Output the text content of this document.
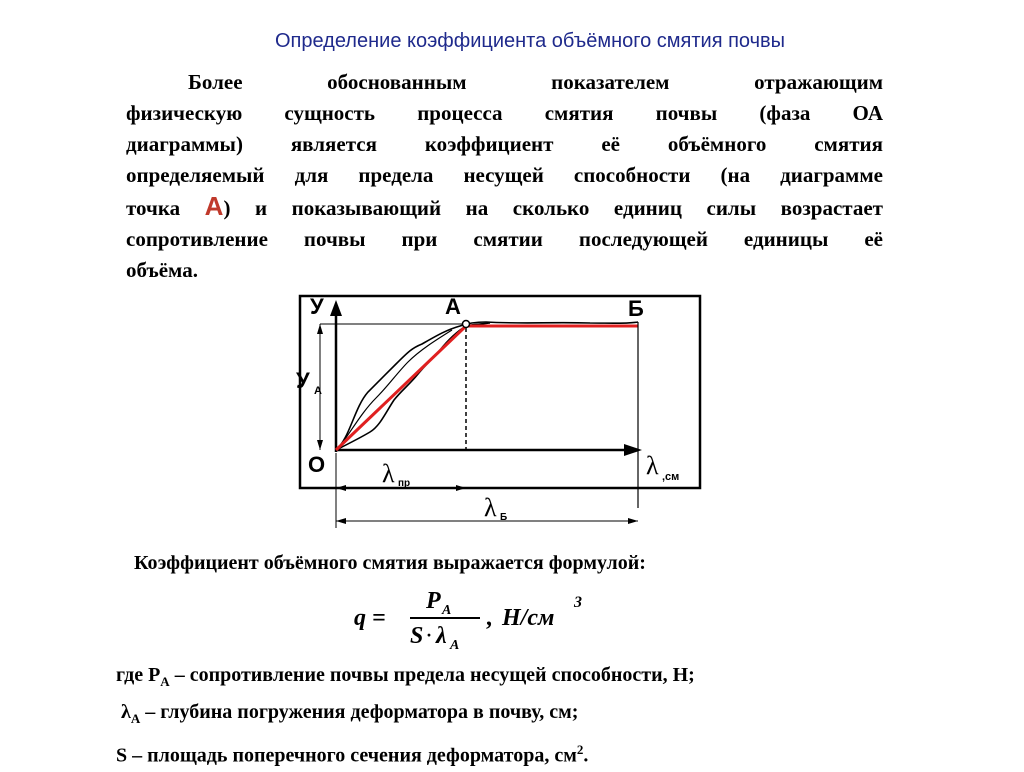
Определение коэффициента объёмного смятия почвы

Более обоснованным показателем отражающим
физическую сущность процесса смятия почвы (фаза ОА
диаграммы) является коэффициент её объёмного смятия
определяемый для предела несущей способности (на диаграмме
точка А) и показывающий на сколько единиц силы возрастает
сопротивление почвы при смятии последующей единицы её
объёма.

У	А	Б
У А
О	λ ,см
λ пр
λ Б

Коэффициент объёмного смятия выражается формулой:

q =
P A
S · λ A
, Н/см
3
где $Р_А$ – сопротивление почвы предела несущей способности, Н;
$\lambda_А$ – глубина погружения деформатора в почву, см;
S – площадь поперечного сечения деформатора, $см^2$.
